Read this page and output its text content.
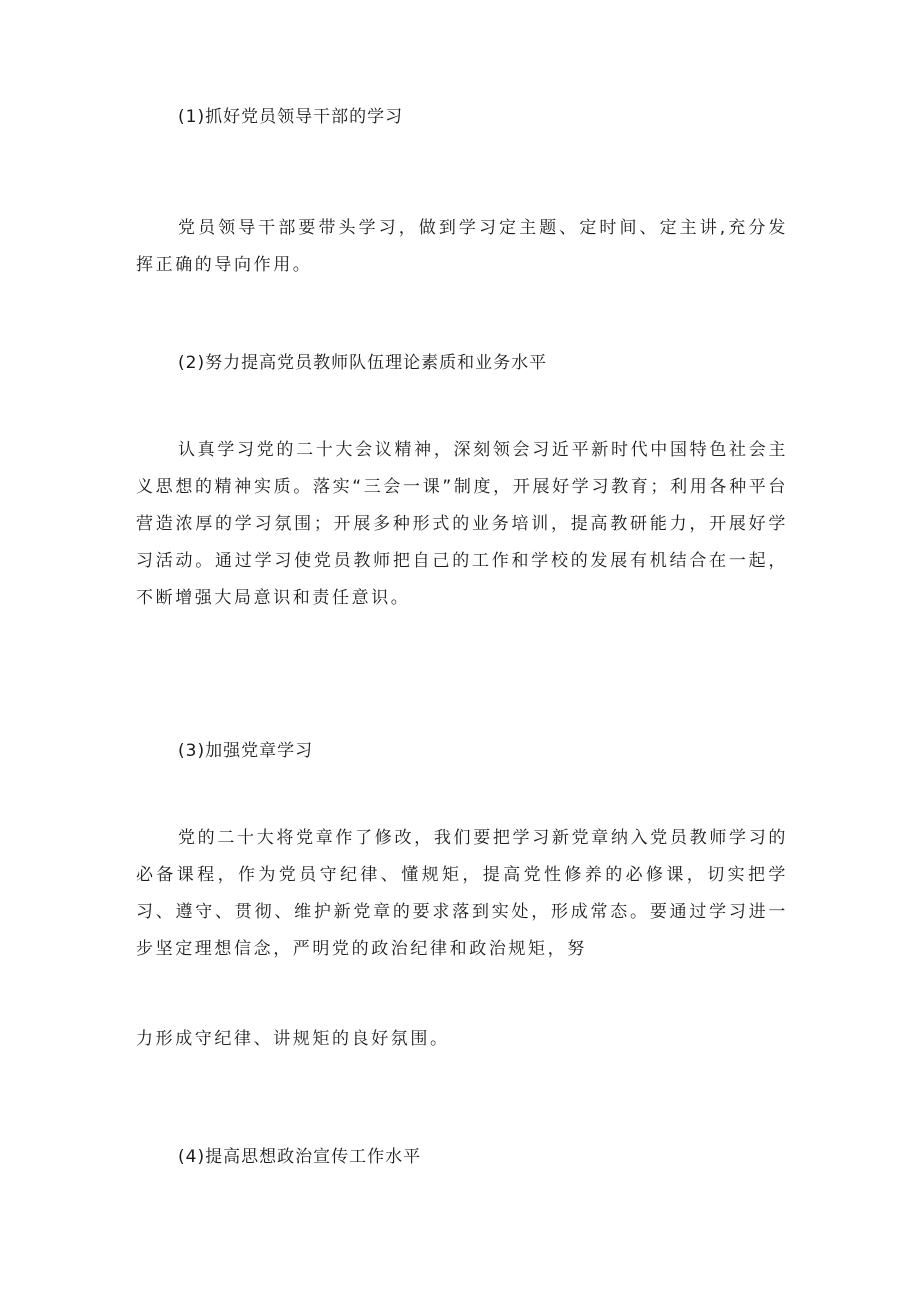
(1)抓好党员领导干部的学习

党员领导干部要带头学习，做到学习定主题、定时间、定主讲,充分发挥正确的导向作用。

(2)努力提高党员教师队伍理论素质和业务水平

认真学习党的二十大会议精神，深刻领会习近平新时代中国特色社会主义思想的精神实质。落实“三会一课”制度，开展好学习教育；利用各种平台营造浓厚的学习氛围；开展多种形式的业务培训，提高教研能力，开展好学习活动。通过学习使党员教师把自己的工作和学校的发展有机结合在一起，不断增强大局意识和责任意识。

(3)加强党章学习

党的二十大将党章作了修改，我们要把学习新党章纳入党员教师学习的必备课程，作为党员守纪律、懂规矩，提高党性修养的必修课，切实把学习、遵守、贯彻、维护新党章的要求落到实处，形成常态。要通过学习进一步坚定理想信念，严明党的政治纪律和政治规矩，努

力形成守纪律、讲规矩的良好氛围。
(4)提高思想政治宣传工作水平
